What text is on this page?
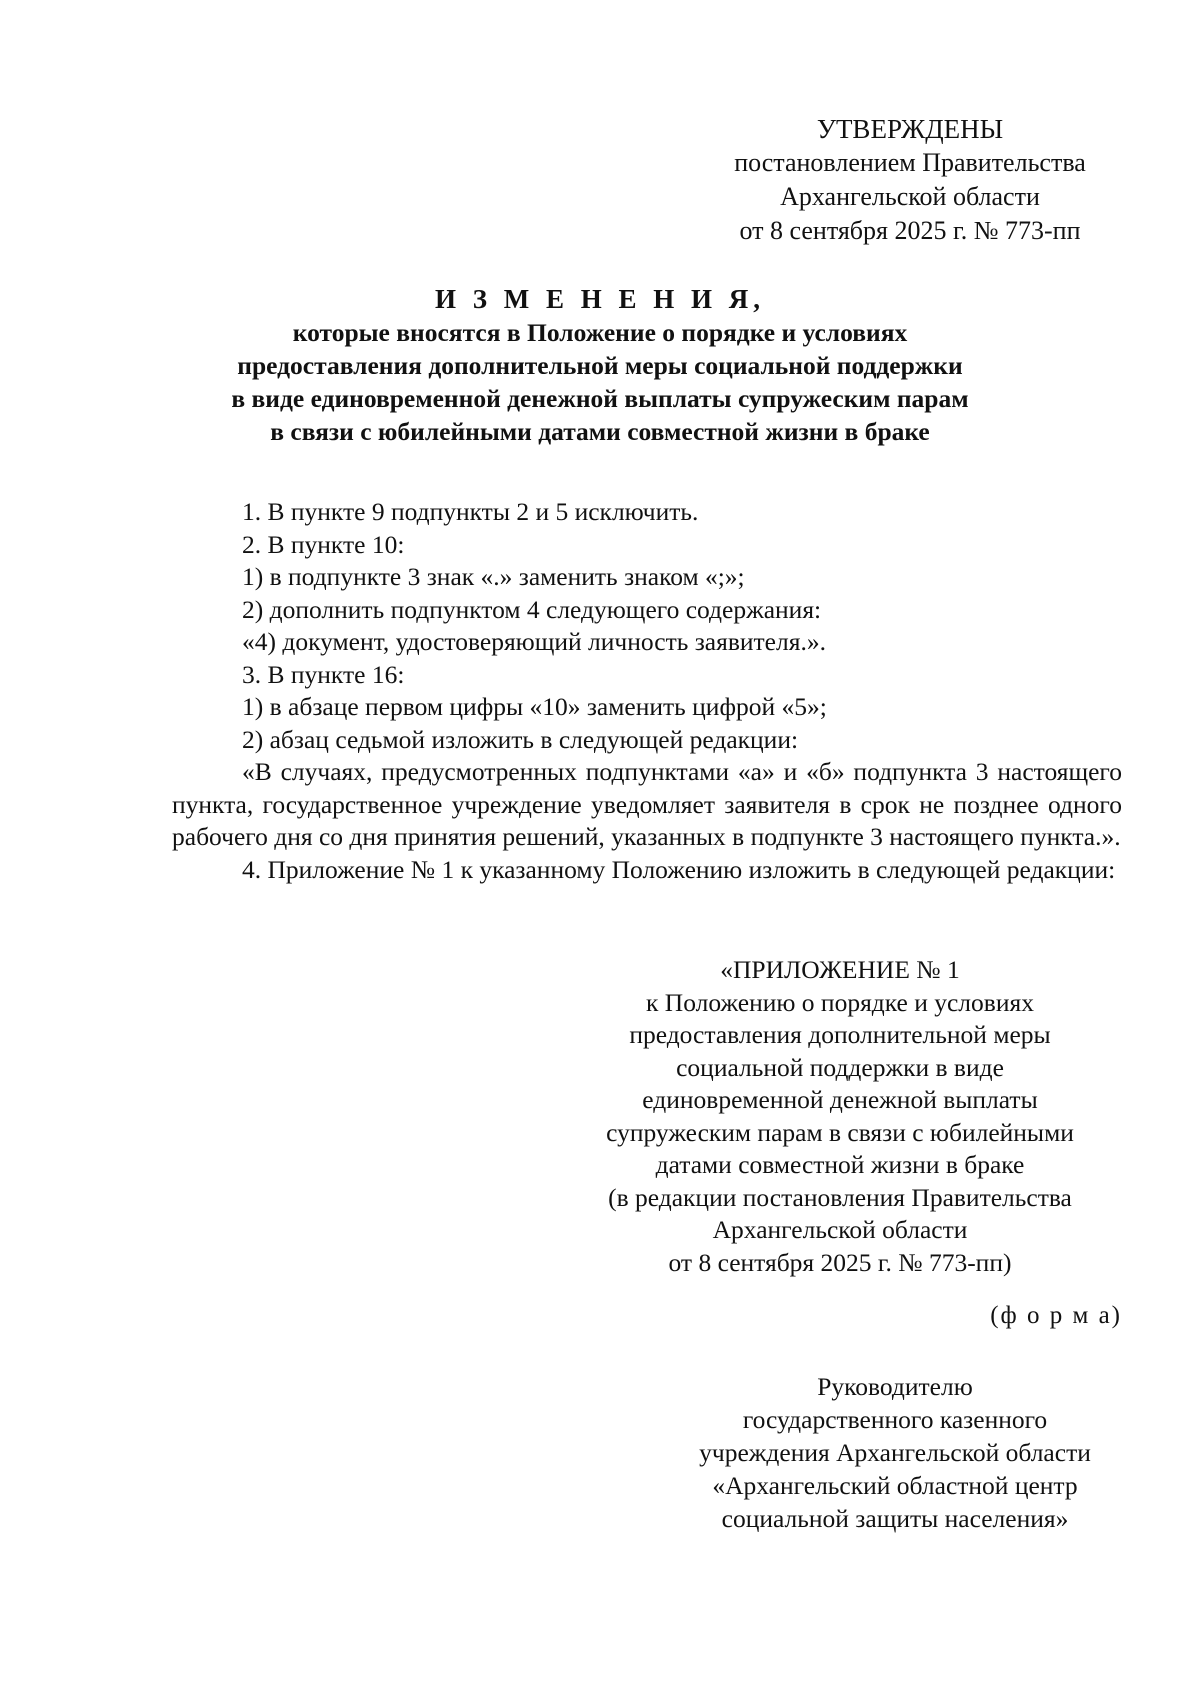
УТВЕРЖДЕНЫ
постановлением Правительства
Архангельской области
от 8 сентября 2025 г. № 773-пп
И З М Е Н Е Н И Я,
которые вносятся в Положение о порядке и условиях
предоставления дополнительной меры социальной поддержки
в виде единовременной денежной выплаты супружеским парам
в связи с юбилейными датами совместной жизни в браке
1. В пункте 9 подпункты 2 и 5 исключить.
2. В пункте 10:
1) в подпункте 3 знак «.» заменить знаком «;»;
2) дополнить подпунктом 4 следующего содержания:
«4) документ, удостоверяющий личность заявителя.».
3. В пункте 16:
1) в абзаце первом цифры «10» заменить цифрой «5»;
2) абзац седьмой изложить в следующей редакции:
«В случаях, предусмотренных подпунктами «а» и «б» подпункта 3 настоящего пункта, государственное учреждение уведомляет заявителя в срок не позднее одного рабочего дня со дня принятия решений, указанных в подпункте 3 настоящего пункта.».
4. Приложение № 1 к указанному Положению изложить в следующей редакции:
«ПРИЛОЖЕНИЕ № 1
к Положению о порядке и условиях
предоставления дополнительной меры
социальной поддержки в виде
единовременной денежной выплаты
супружеским парам в связи с юбилейными
датами совместной жизни в браке
(в редакции постановления Правительства
Архангельской области
от 8 сентября 2025 г. № 773-пп)
(ф о р м а)
Руководителю
государственного казенного
учреждения Архангельской области
«Архангельский областной центр
социальной защиты населения»
